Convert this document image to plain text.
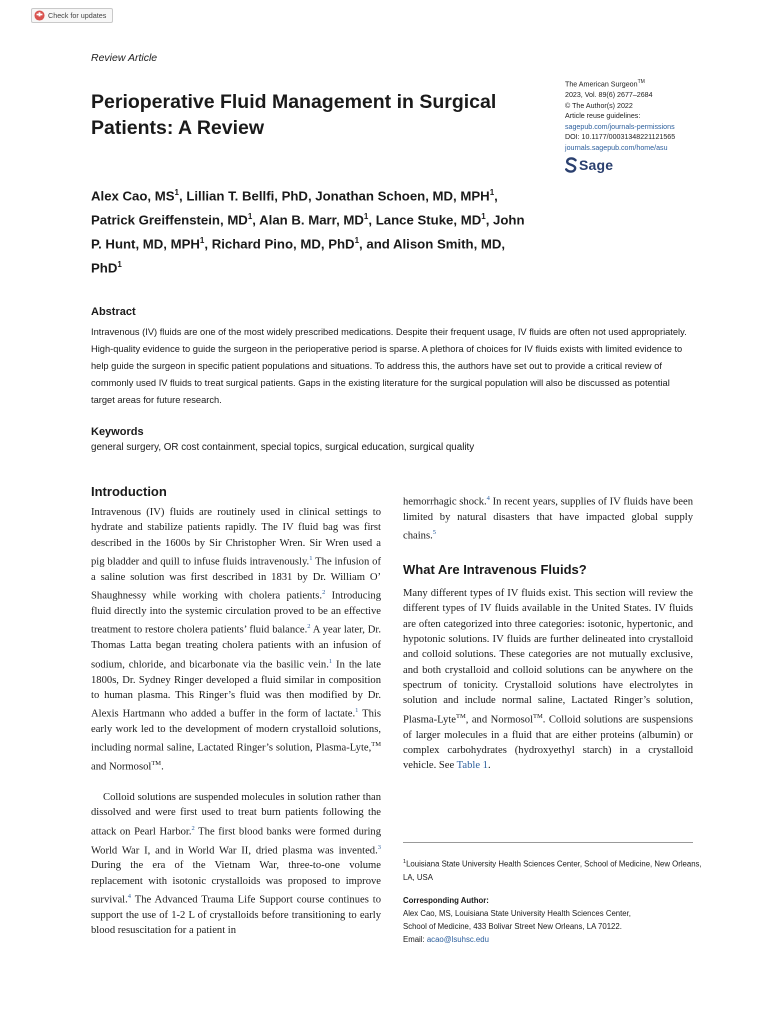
Check for updates
Review Article
Perioperative Fluid Management in Surgical Patients: A Review
The American Surgeon™
2023, Vol. 89(6) 2677–2684
© The Author(s) 2022
Article reuse guidelines:
sagepub.com/journals-permissions
DOI: 10.1177/00031348221121565
journals.sagepub.com/home/asu
Sage

Alex Cao, $MS^1$, Lillian T. Bellfi, PhD, Jonathan Schoen, MD, MPH$^1$, Patrick Greiffenstein, $MD^1$, Alan B. Marr, $MD^1$, Lance Stuke, $MD^1$, John P. Hunt, MD, MPH$^1$, Richard Pino, MD, PhD$^1$, and Alison Smith, MD, PhD$^1$

Abstract

Intravenous (IV) fluids are one of the most widely prescribed medications. Despite their frequent usage, IV fluids are often not used appropriately. High-quality evidence to guide the surgeon in the perioperative period is sparse. A plethora of choices for IV fluids exists with limited evidence to help guide the surgeon in specific patient populations and situations. To address this, the authors have set out to provide a critical review of commonly used IV fluids to treat surgical patients. Gaps in the existing literature for the surgical population will also be discussed as potential target areas for future research.

Keywords

general surgery, OR cost containment, special topics, surgical education, surgical quality

Introduction

Intravenous (IV) fluids are routinely used in clinical settings to hydrate and stabilize patients rapidly. The IV fluid bag was first described in the 1600s by Sir Christopher Wren. Sir Wren used a pig bladder and quill to infuse fluids intravenously.$^1$ The infusion of a saline solution was first described in 1831 by Dr. William O’ Shaughnessy while working with cholera patients.$^2$ Introducing fluid directly into the systemic circulation proved to be an effective treatment to restore cholera patients’ fluid balance.$^2$ A year later, Dr. Thomas Latta began treating cholera patients with an infusion of sodium, chloride, and bicarbonate via the basilic vein.$^1$ In the late 1800s, Dr. Sydney Ringer developed a fluid similar in composition to human plasma. This Ringer’s fluid was then modified by Dr. Alexis Hartmann who added a buffer in the form of lactate.$^1$ This early work led to the development of modern crystalloid solutions, including normal saline, Lactated Ringer’s solution, Plasma-Lyte,™ and Normosol™.

Colloid solutions are suspended molecules in solution rather than dissolved and were first used to treat burn patients following the attack on Pearl Harbor.$^2$ The first blood banks were formed during World War I, and in World War II, dried plasma was invented.$^3$ During the era of the Vietnam War, three-to-one volume replacement with isotonic crystalloids was proposed to improve survival.$^4$ The Advanced Trauma Life Support course continues to support the use of 1-2 L of crystalloids before transitioning to early blood resuscitation for a patient in

hemorrhagic shock.$^4$ In recent years, supplies of IV fluids have been limited by natural disasters that have impacted global supply chains.$^5$

What Are Intravenous Fluids?

Many different types of IV fluids exist. This section will review the different types of IV fluids available in the United States. IV fluids are often categorized into three categories: isotonic, hypertonic, and hypotonic solutions. IV fluids are further delineated into crystalloid and colloid solutions. These categories are not mutually exclusive, and both crystalloid and colloid solutions can be anywhere on the spectrum of tonicity. Crystalloid solutions have electrolytes in solution and include normal saline, Lactated Ringer’s solution, Plasma-Lyte™, and Normosol™. Colloid solutions are suspensions of larger molecules in a fluid that are either proteins (albumin) or complex carbohydrates (hydroxyethyl starch) in a crystalloid vehicle. See Table 1.

$^1$Louisiana State University Health Sciences Center, School of Medicine, New Orleans, LA, USA

Corresponding Author:
Alex Cao, MS, Louisiana State University Health Sciences Center,
School of Medicine, 433 Bolivar Street New Orleans, LA 70122.
Email: acao@lsuhsc.edu
